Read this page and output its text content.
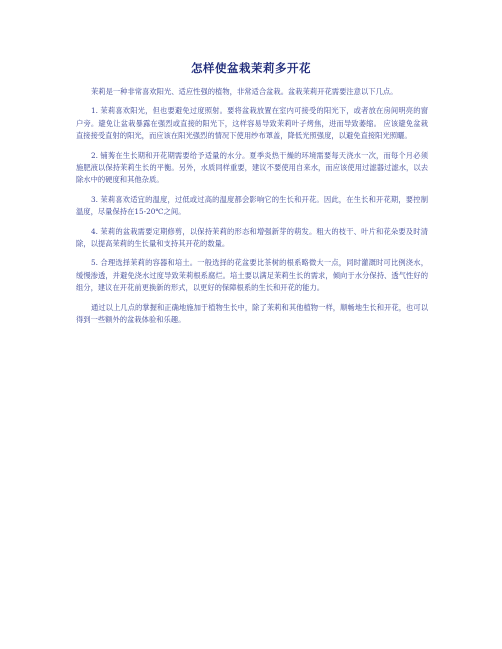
怎样使盆栽茉莉多开花

茉莉是一种非常喜欢阳光、适应性强的植物，非常适合盆栽。盆栽茉莉开花需要注意以下几点。

1. 茉莉喜欢阳光，但也要避免过度照射。要将盆栽放置在室内可接受的阳光下，或者放在房间明亮的窗户旁。避免让盆栽暴露在强烈或直接的阳光下，这样容易导致茉莉叶子烤焦，进而导致萎缩。 应该避免盆栽直接接受直射的阳光，而应该在阳光强烈的情况下使用纱布罩盖，降低光照强度，以避免直接阳光照曬。

2. 铺莠在生长期和开花期需要给予适量的水分。夏季炎热干燥的环境需要每天浇水一次，而每个月必须施肥液以保持茉莉生长的平衡。另外，水质同样重要，建议不要使用自来水，而应该使用过滤器过滤水，以去除水中的硬度和其他杂质。

3. 茉莉喜欢适宜的温度，过低或过高的温度都会影响它的生长和开花。因此，在生长和开花期，要控制温度，尽量保持在15-20℃之间。

4. 茉莉的盆栽需要定期修剪，以保持茉莉的形态和增强新芽的萌发。粗大的枝干、叶片和花朵要及时清除，以提高茉莉的生长量和支持其开花的数量。

5. 合理选择茉莉的容器和培土。一般选择的花盆要比茶树的根系略微大一点，同时灌溉时可比例浇水，缓慢渗透，并避免浇水过度导致茉莉根系腐烂。培土要以满足茉莉生长的需求，倾向于水分保持、透气性好的组分，建议在开花前更换新的形式，以更好的保障根系的生长和开花的能力。

通过以上几点的掌握和正确地施加于植物生长中，除了茉莉和其他植物一样，顺畅地生长和开花，也可以得到一些额外的盆栽体验和乐趣。
